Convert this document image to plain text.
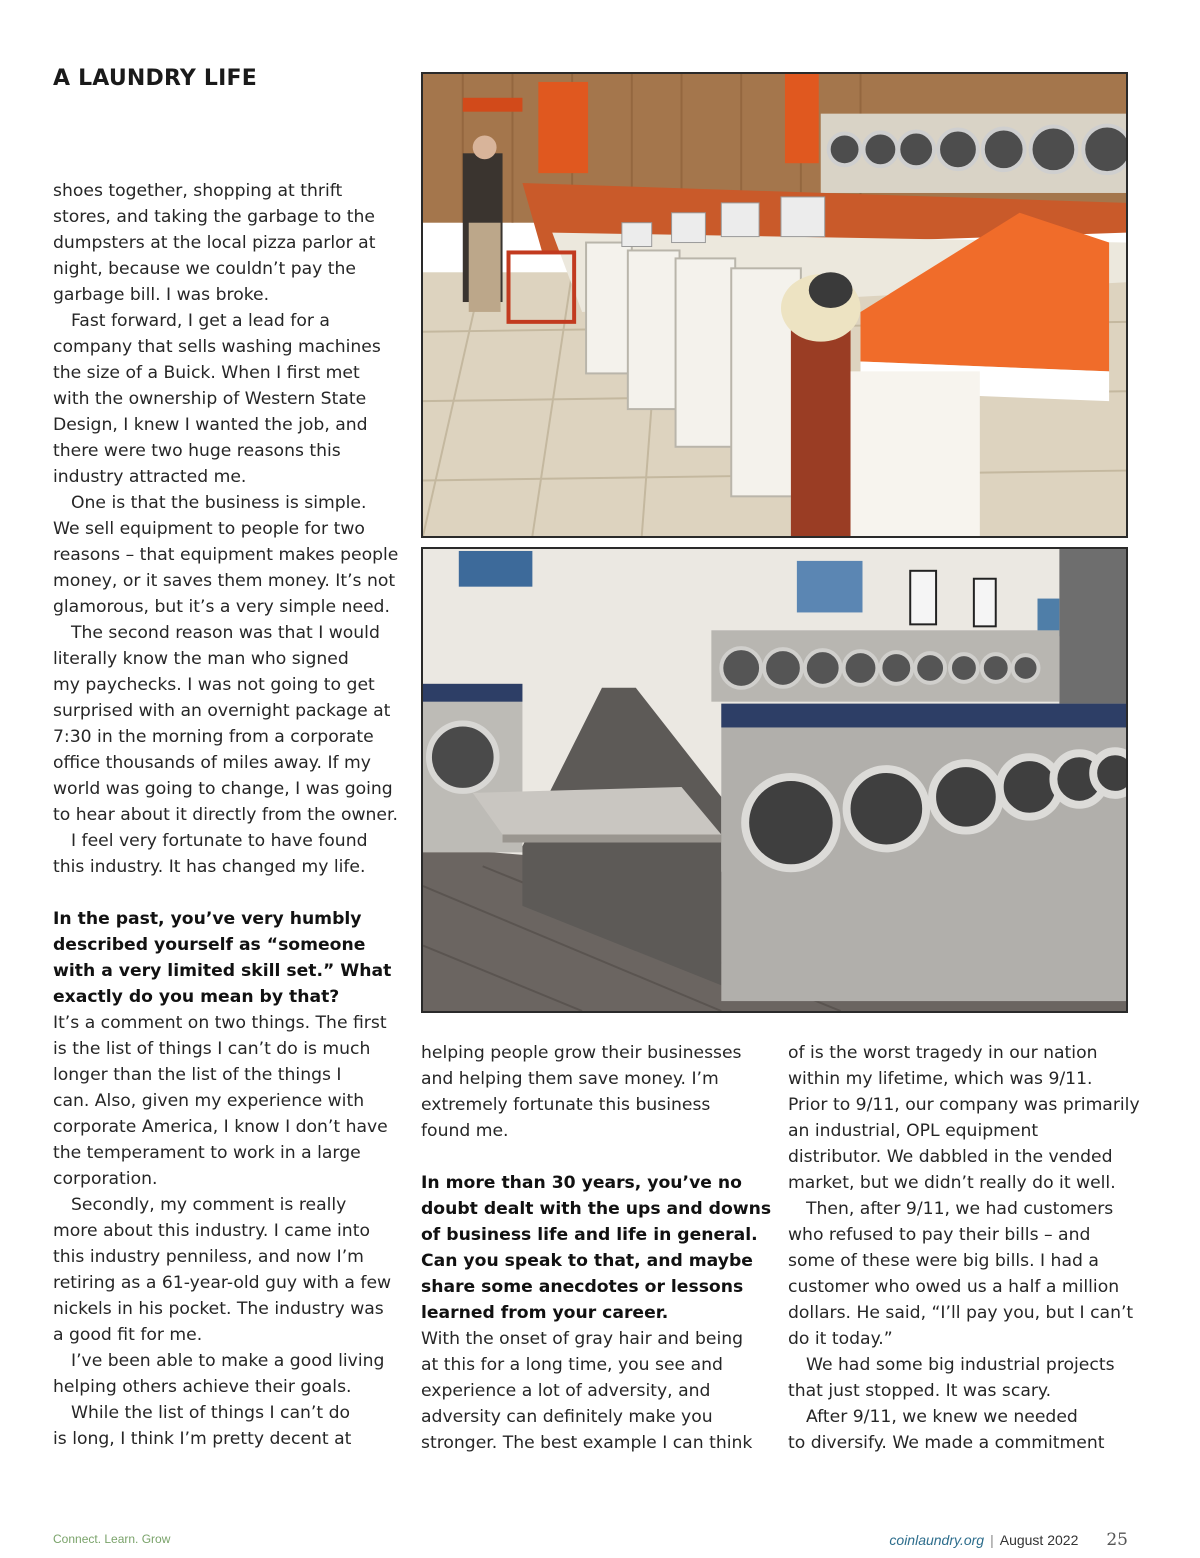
A LAUNDRY LIFE
shoes together, shopping at thrift
stores, and taking the garbage to the
dumpsters at the local pizza parlor at
night, because we couldn’t pay the
garbage bill. I was broke.
Fast forward, I get a lead for a
company that sells washing machines
the size of a Buick. When I first met
with the ownership of Western State
Design, I knew I wanted the job, and
there were two huge reasons this
industry attracted me.
One is that the business is simple.
We sell equipment to people for two
reasons – that equipment makes people
money, or it saves them money. It’s not
glamorous, but it’s a very simple need.
The second reason was that I would
literally know the man who signed
my paychecks. I was not going to get
surprised with an overnight package at
7:30 in the morning from a corporate
office thousands of miles away. If my
world was going to change, I was going
to hear about it directly from the owner.
I feel very fortunate to have found
this industry. It has changed my life.
In the past, you’ve very humbly
described yourself as “someone
with a very limited skill set.” What
exactly do you mean by that?
It’s a comment on two things. The first
is the list of things I can’t do is much
longer than the list of the things I
can. Also, given my experience with
corporate America, I know I don’t have
the temperament to work in a large
corporation.
Secondly, my comment is really
more about this industry. I came into
this industry penniless, and now I’m
retiring as a 61-year-old guy with a few
nickels in his pocket. The industry was
a good fit for me.
I’ve been able to make a good living
helping others achieve their goals.
While the list of things I can’t do
is long, I think I’m pretty decent at
helping people grow their businesses
and helping them save money. I’m
extremely fortunate this business
found me.
In more than 30 years, you’ve no
doubt dealt with the ups and downs
of business life and life in general.
Can you speak to that, and maybe
share some anecdotes or lessons
learned from your career.
With the onset of gray hair and being
at this for a long time, you see and
experience a lot of adversity, and
adversity can definitely make you
stronger. The best example I can think
of is the worst tragedy in our nation
within my lifetime, which was 9/11.
Prior to 9/11, our company was primarily
an industrial, OPL equipment
distributor. We dabbled in the vended
market, but we didn’t really do it well.
Then, after 9/11, we had customers
who refused to pay their bills – and
some of these were big bills. I had a
customer who owed us a half a million
dollars. He said, “I’ll pay you, but I can’t
do it today.”
We had some big industrial projects
that just stopped. It was scary.
After 9/11, we knew we needed
to diversify. We made a commitment
Connect. Learn. Grow	coinlaundry.org | August 2022 25
